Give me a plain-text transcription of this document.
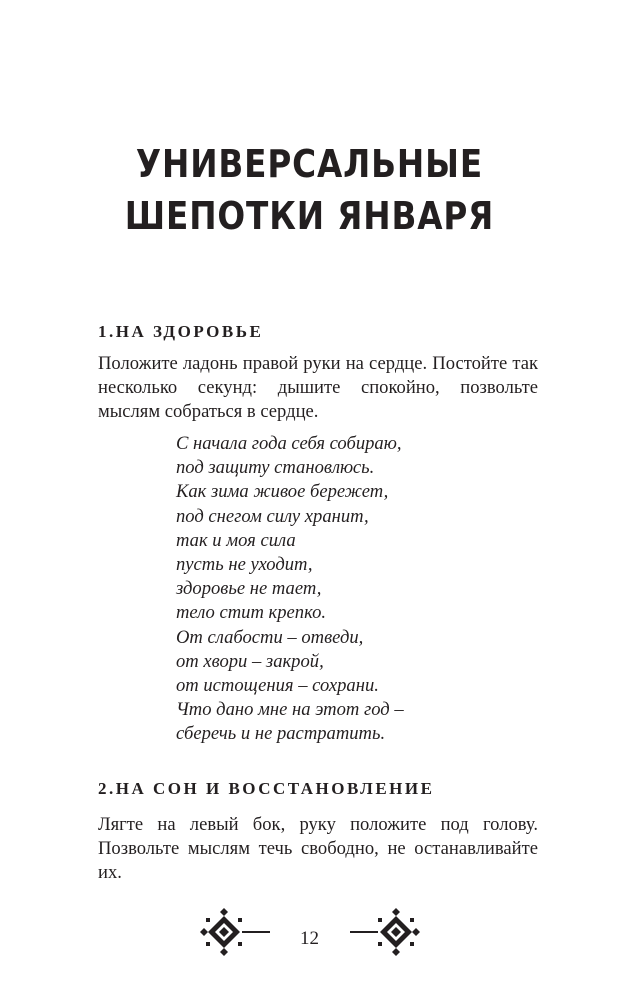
УНИВЕРСАЛЬНЫЕ
ШЕПОТКИ ЯНВАРЯ
1.НА ЗДОРОВЬЕ

Положите ладонь правой руки на сердце. Постойте так несколько секунд: дышите спокойно, позвольте мыслям собраться в сердце.

С начала года себя собираю,
под защиту становлюсь.
Как зима живое бережет,
под снегом силу хранит,
так и моя сила
пусть не уходит,
здоровье не тает,
тело стит крепко.
От слабости – отведи,
от хвори – закрой,
от истощения – сохрани.
Что дано мне на этот год –
сберечь и не растратить.
2.НА СОН И ВОССТАНОВЛЕНИЕ

Лягте на левый бок, руку положите под голову. Позвольте мыслям течь свободно, не останавливайте их.

12
